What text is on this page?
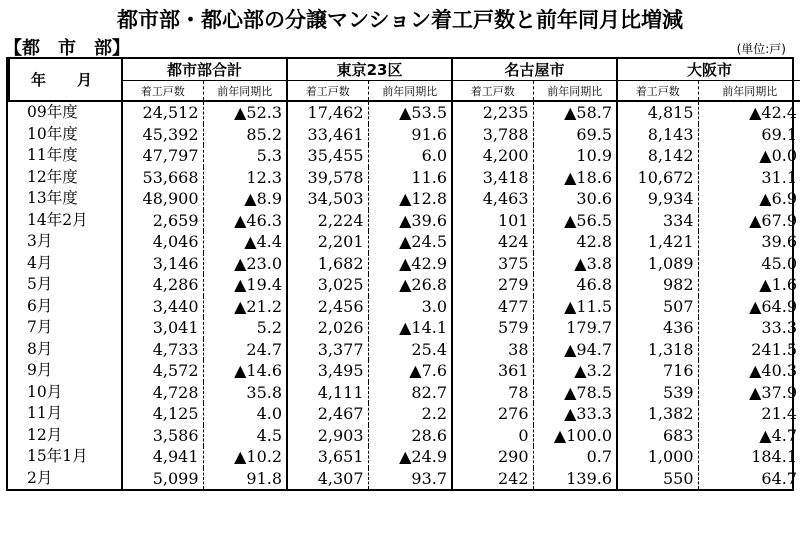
都市部・都心部の分譲マンション着工戸数と前年同月比増減
【都　市　部】	(単位:戸)
年　月	都市部合計		東京23区		名古屋市		大阪市	
	着工戸数	前年同期比	着工戸数	前年同期比	着工戸数	前年同期比	着工戸数	前年同期比
09年度	24,512	▲52.3	17,462	▲53.5	2,235	▲58.7	4,815	▲42.4
10年度	45,392	85.2	33,461	91.6	3,788	69.5	8,143	69.1
11年度	47,797	5.3	35,455	6.0	4,200	10.9	8,142	▲0.0
12年度	53,668	12.3	39,578	11.6	3,418	▲18.6	10,672	31.1
13年度	48,900	▲8.9	34,503	▲12.8	4,463	30.6	9,934	▲6.9
14年2月	2,659	▲46.3	2,224	▲39.6	101	▲56.5	334	▲67.9
3月	4,046	▲4.4	2,201	▲24.5	424	42.8	1,421	39.6
4月	3,146	▲23.0	1,682	▲42.9	375	▲3.8	1,089	45.0
5月	4,286	▲19.4	3,025	▲26.8	279	46.8	982	▲1.6
6月	3,440	▲21.2	2,456	3.0	477	▲11.5	507	▲64.9
7月	3,041	5.2	2,026	▲14.1	579	179.7	436	33.3
8月	4,733	24.7	3,377	25.4	38	▲94.7	1,318	241.5
9月	4,572	▲14.6	3,495	▲7.6	361	▲3.2	716	▲40.3
10月	4,728	35.8	4,111	82.7	78	▲78.5	539	▲37.9
11月	4,125	4.0	2,467	2.2	276	▲33.3	1,382	21.4
12月	3,586	4.5	2,903	28.6	0	▲100.0	683	▲4.7
15年1月	4,941	▲10.2	3,651	▲24.9	290	0.7	1,000	184.1
2月	5,099	91.8	4,307	93.7	242	139.6	550	64.7
